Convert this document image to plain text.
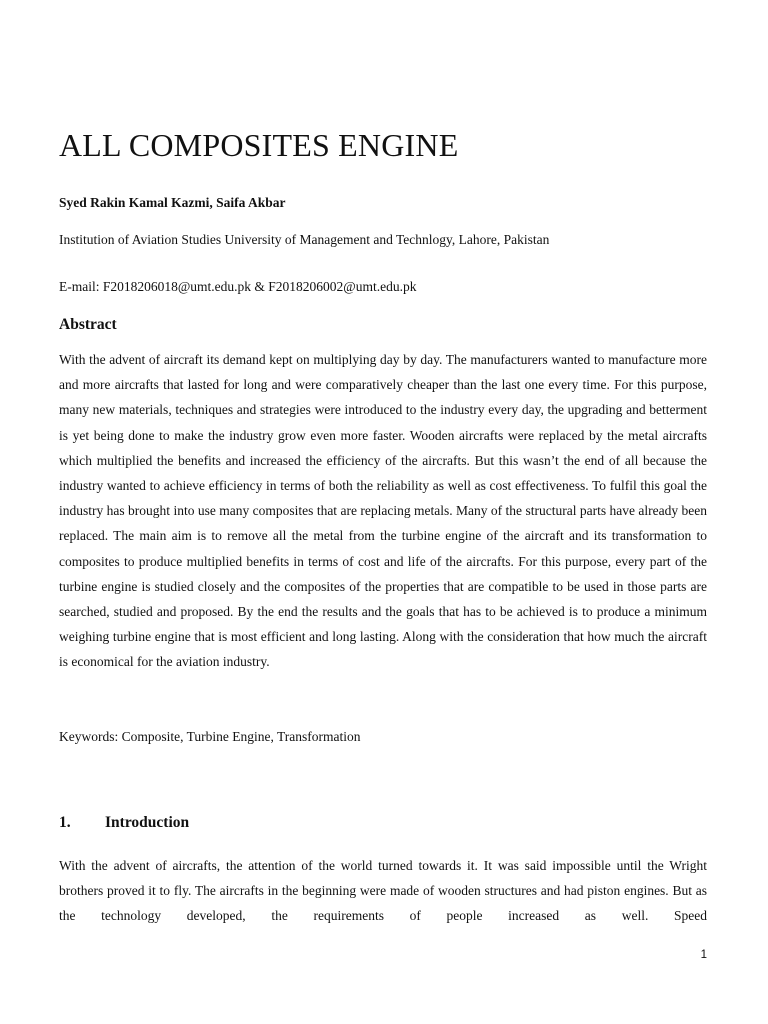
ALL COMPOSITES ENGINE

Syed Rakin Kamal Kazmi, Saifa Akbar

Institution of Aviation Studies University of Management and Technlogy, Lahore, Pakistan

E-mail: F2018206018@umt.edu.pk & F2018206002@umt.edu.pk

Abstract

With the advent of aircraft its demand kept on multiplying day by day. The manufacturers wanted to manufacture more and more aircrafts that lasted for long and were comparatively cheaper than the last one every time. For this purpose, many new materials, techniques and strategies were introduced to the industry every day, the upgrading and betterment is yet being done to make the industry grow even more faster. Wooden aircrafts were replaced by the metal aircrafts which multiplied the benefits and increased the efficiency of the aircrafts. But this wasn’t the end of all because the industry wanted to achieve efficiency in terms of both the reliability as well as cost effectiveness. To fulfil this goal the industry has brought into use many composites that are replacing metals. Many of the structural parts have already been replaced. The main aim is to remove all the metal from the turbine engine of the aircraft and its transformation to composites to produce multiplied benefits in terms of cost and life of the aircrafts. For this purpose, every part of the turbine engine is studied closely and the composites of the properties that are compatible to be used in those parts are searched, studied and proposed. By the end the results and the goals that has to be achieved is to produce a minimum weighing turbine engine that is most efficient and long lasting. Along with the consideration that how much the aircraft is economical for the aviation industry.

Keywords: Composite, Turbine Engine, Transformation

1. Introduction

With the advent of aircrafts, the attention of the world turned towards it. It was said impossible until the Wright brothers proved it to fly. The aircrafts in the beginning were made of wooden structures and had piston engines. But as the technology developed, the requirements of people increased as well. Speed

1
